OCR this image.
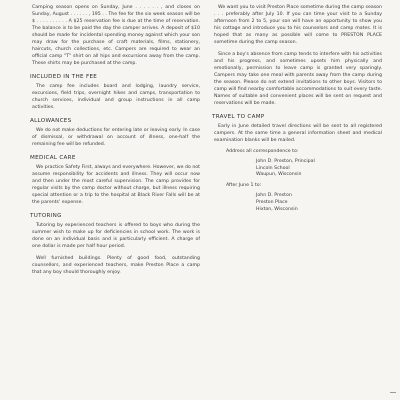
Camping season opens on Sunday, June . . . . . . , and closes on Sunday, August . . . . . . , 195 . . The fee for the six week season will be $ . . . . . . . . . . A $25 reservation fee is due at the time of reservation. The balance is to be paid the day the camper arrives. A deposit of $10 should be made for incidental spending money against which your son may draw for the purchase of craft materials, films, stationery, haircuts, church collections, etc. Campers are required to wear an official camp "T" shirt on all hips and excursions away from the camp. These shirts may be purchased at the camp.

INCLUDED IN THE FEE

The camp fee includes board and lodging, laundry service, excursions, field trips, overnight hikes and camps, transportation to church services, individual and group instructions in all camp activities.

ALLOWANCES

We do not make deductions for entering late or leaving early. In case of dismissal, or withdrawal on account of illness, one-half the remaining fee will be refunded.

MEDICAL CARE

We practice Safety First, always and everywhere. However, we do not assume responsibility for accidents and illness. They will occur now and then under the most careful supervision. The camp provides for regular visits by the camp doctor without charge, but illness requiring special attention or a trip to the hospital at Black River Falls will be at the parents' expense.

TUTORING

Tutoring by experienced teachers is offered to boys who during the summer wish to make up for deficiencies in school work. The work is done on an individual basis and is particularly efficient. A charge of one dollar is made per half hour period.

Well furnished buildings. Plenty of good food, outstanding counsellors, and experienced teachers, make Preston Place a camp that any boy should thoroughly enjoy.

We want you to visit Preston Place sometime during the camp season . . . preferably after July 10. If you can time your visit to a Sunday afternoon from 2 to 5, your son will have an opportunity to show you his cottage and introduce you to his counselors and camp mates. It is hoped that as many as possible will come to PRESTON PLACE sometime during the camp season.

Since a boy's absence from camp tends to interfere with his activities and his progress, and sometimes upsets him physically and emotionally, permission to leave camp is granted very sparingly. Campers may take one meal with parents away from the camp during the season. Please do not extend invitations to other boys. Visitors to camp will find nearby comfortable accommodations to suit every taste. Names of suitable and convenient places will be sent on request and reservations will be made.

TRAVEL TO CAMP

Early in June detailed travel directions will be sent to all registered campers. At the same time a general information sheet and medical examination blanks will be mailed.

Address all correspondence to:

John D. Preston, Principal

Lincoln School

Waupun, Wisconsin

After June 1 to:

John D. Preston

Preston Place

Hixton, Wisconsin
